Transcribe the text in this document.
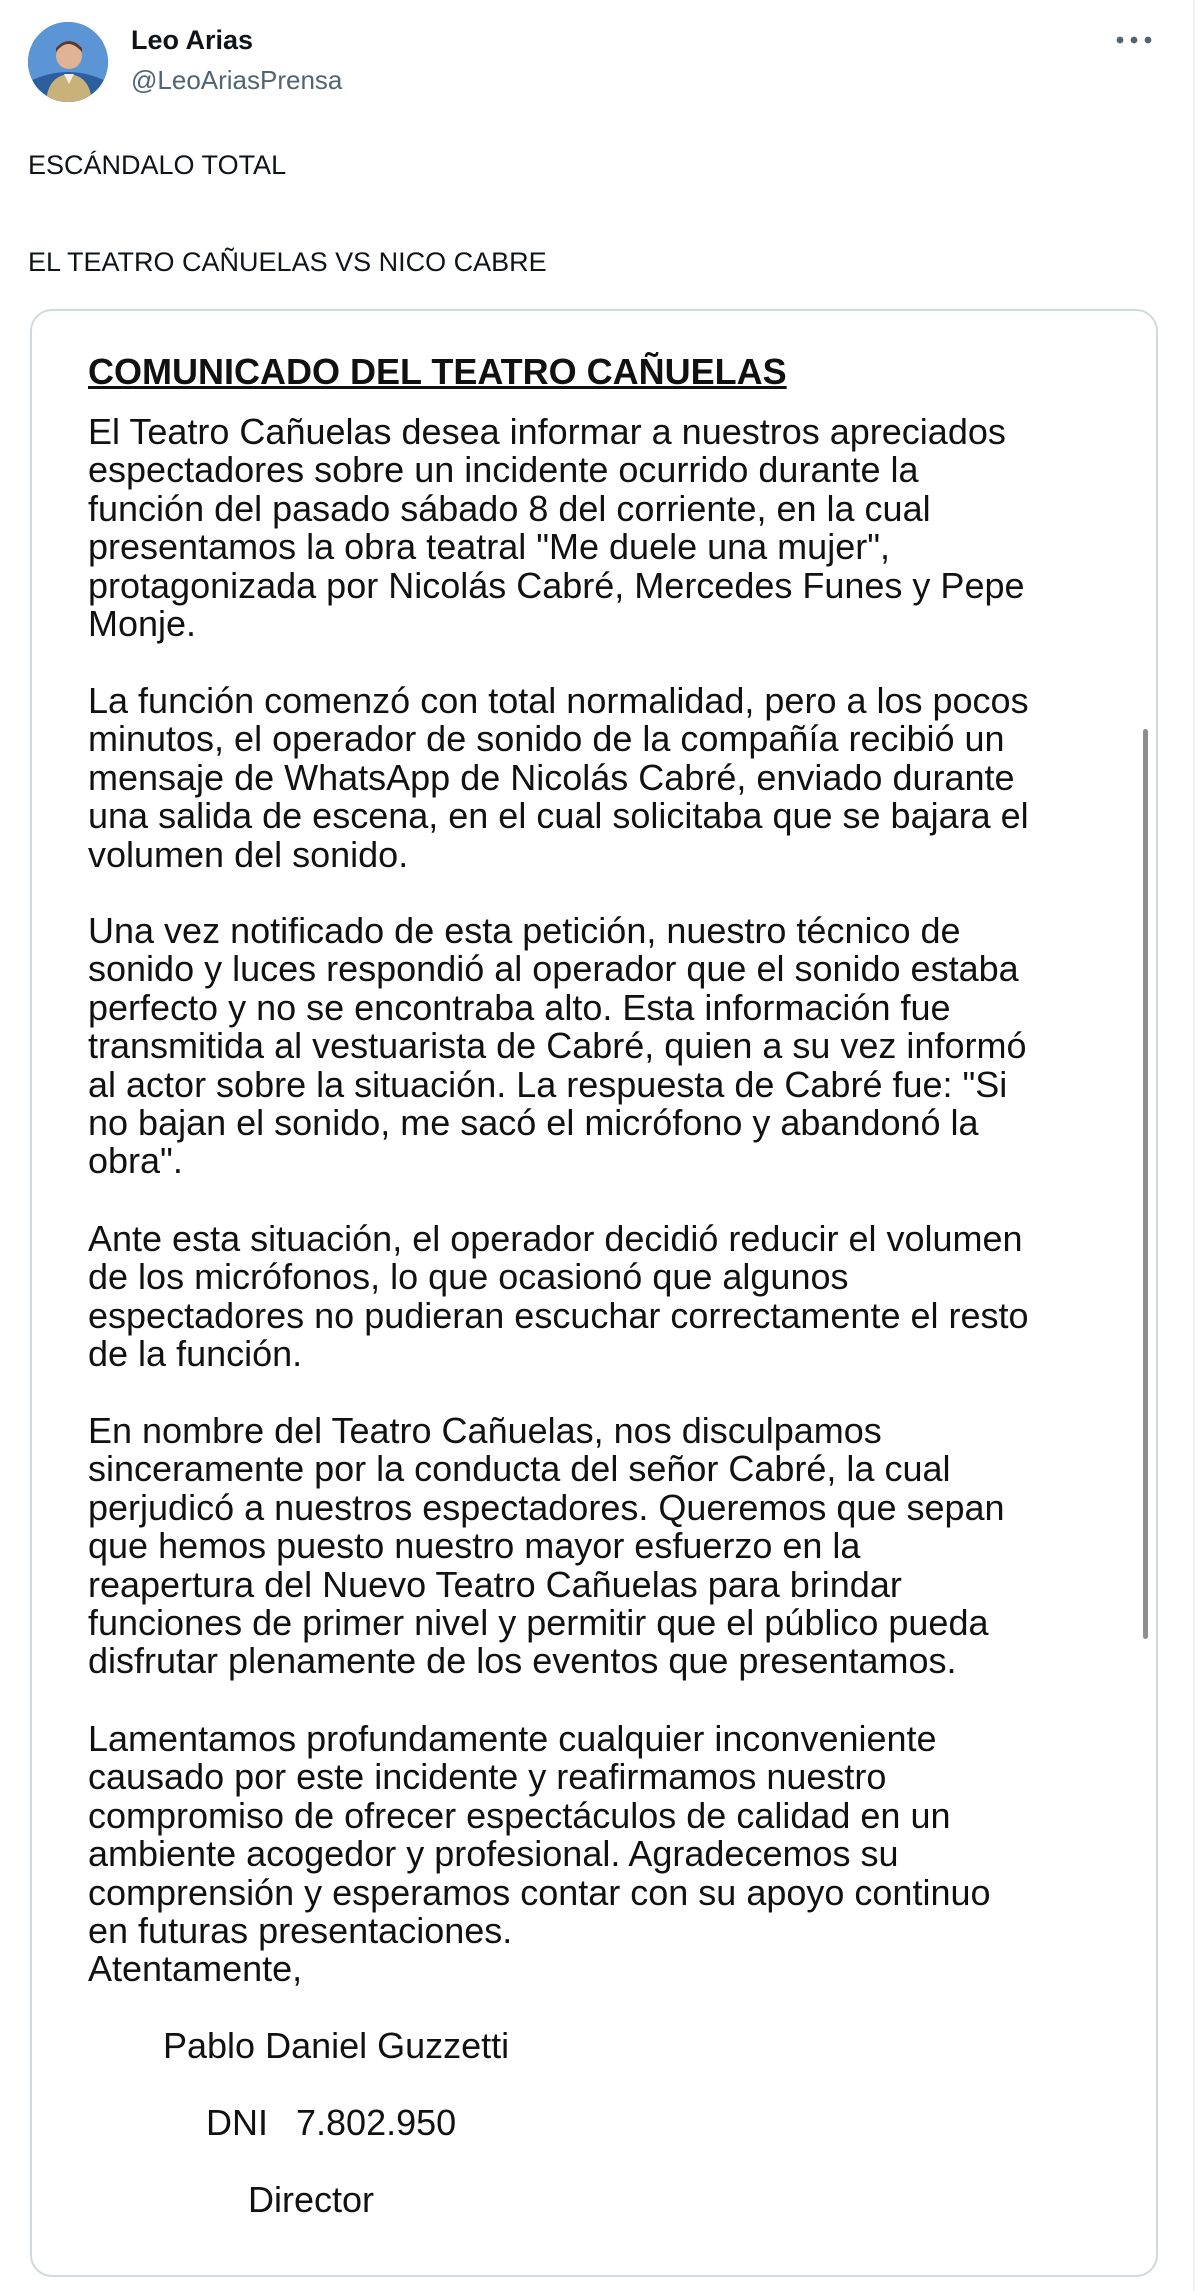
Leo Arias
@LeoAriasPrensa
ESCÁNDALO TOTAL
EL TEATRO CAÑUELAS VS NICO CABRE
COMUNICADO DEL TEATRO CAÑUELAS
El Teatro Cañuelas desea informar a nuestros apreciados
espectadores sobre un incidente ocurrido durante la
función del pasado sábado 8 del corriente, en la cual
presentamos la obra teatral "Me duele una mujer",
protagonizada por Nicolás Cabré, Mercedes Funes y Pepe
Monje.
La función comenzó con total normalidad, pero a los pocos
minutos, el operador de sonido de la compañía recibió un
mensaje de WhatsApp de Nicolás Cabré, enviado durante
una salida de escena, en el cual solicitaba que se bajara el
volumen del sonido.
Una vez notificado de esta petición, nuestro técnico de
sonido y luces respondió al operador que el sonido estaba
perfecto y no se encontraba alto. Esta información fue
transmitida al vestuarista de Cabré, quien a su vez informó
al actor sobre la situación. La respuesta de Cabré fue: "Si
no bajan el sonido, me sacó el micrófono y abandonó la
obra".
Ante esta situación, el operador decidió reducir el volumen
de los micrófonos, lo que ocasionó que algunos
espectadores no pudieran escuchar correctamente el resto
de la función.
En nombre del Teatro Cañuelas, nos disculpamos
sinceramente por la conducta del señor Cabré, la cual
perjudicó a nuestros espectadores. Queremos que sepan
que hemos puesto nuestro mayor esfuerzo en la
reapertura del Nuevo Teatro Cañuelas para brindar
funciones de primer nivel y permitir que el público pueda
disfrutar plenamente de los eventos que presentamos.
Lamentamos profundamente cualquier inconveniente
causado por este incidente y reafirmamos nuestro
compromiso de ofrecer espectáculos de calidad en un
ambiente acogedor y profesional. Agradecemos su
comprensión y esperamos contar con su apoyo continuo
en futuras presentaciones.
Atentamente,
Pablo Daniel Guzzetti
DNI 7.802.950
Director
